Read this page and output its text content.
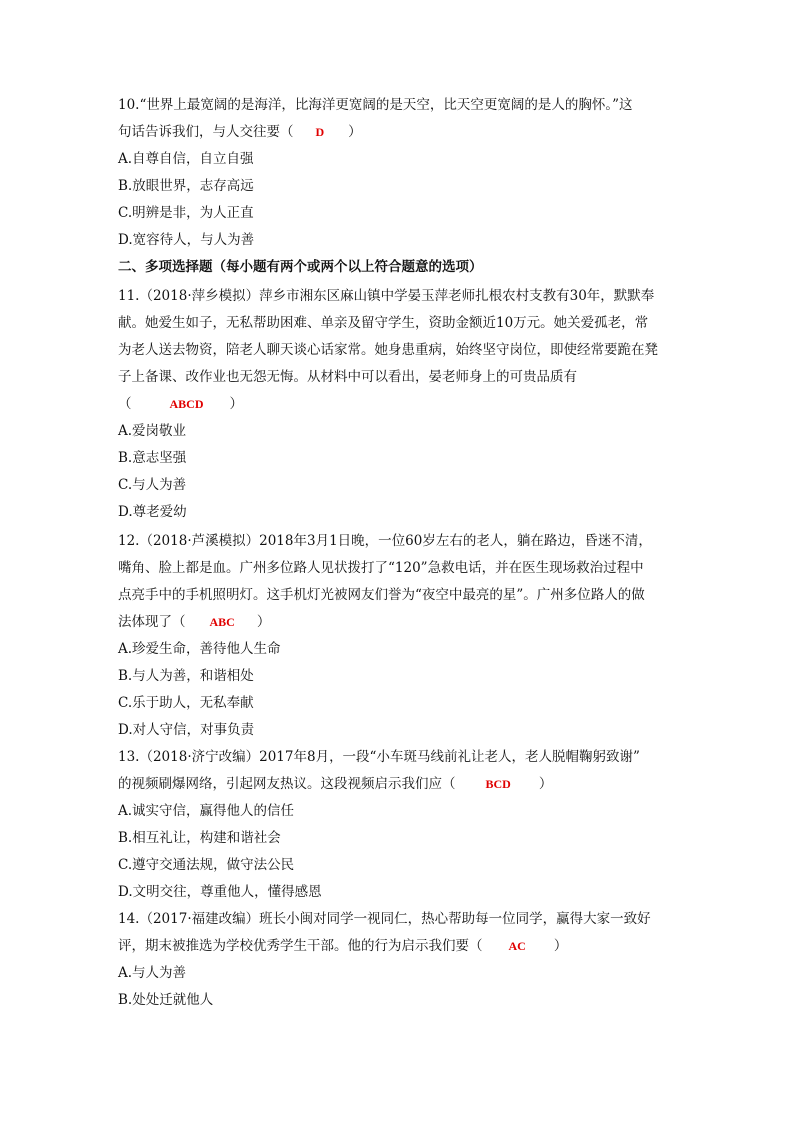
10.“世界上最宽阔的是海洋，比海洋更宽阔的是天空，比天空更宽阔的是人的胸怀。”这
句话告诉我们，与人交往要（ D ）
A.自尊自信，自立自强
B.放眼世界，志存高远
C.明辨是非，为人正直
D.宽容待人，与人为善
二、多项选择题（每小题有两个或两个以上符合题意的选项）
11.（2018·萍乡模拟）萍乡市湘东区麻山镇中学晏玉萍老师扎根农村支教有30年，默默奉
献。她爱生如子，无私帮助困难、单亲及留守学生，资助金额近10万元。她关爱孤老，常
为老人送去物资，陪老人聊天谈心话家常。她身患重病，始终坚守岗位，即使经常要跪在凳
子上备课、改作业也无怨无悔。从材料中可以看出，晏老师身上的可贵品质有
（	ABCD ）
A.爱岗敬业
B.意志坚强
C.与人为善
D.尊老爱幼
12.（2018·芦溪模拟）2018年3月1日晚，一位60岁左右的老人，躺在路边，昏迷不清，
嘴角、脸上都是血。广州多位路人见状拨打了“120”急救电话，并在医生现场救治过程中
点亮手中的手机照明灯。这手机灯光被网友们誉为“夜空中最亮的星”。广州多位路人的做
法体现了（ ABC ）
A.珍爱生命，善待他人生命
B.与人为善，和谐相处
C.乐于助人，无私奉献
D.对人守信，对事负责
13.（2018·济宁改编）2017年8月，一段“小车斑马线前礼让老人，老人脱帽鞠躬致谢”
的视频刷爆网络，引起网友热议。这段视频启示我们应（	BCD ）
A.诚实守信，赢得他人的信任
B.相互礼让，构建和谐社会
C.遵守交通法规，做守法公民
D.文明交往，尊重他人，懂得感恩
14.（2017·福建改编）班长小闽对同学一视同仁，热心帮助每一位同学，赢得大家一致好
评，期末被推选为学校优秀学生干部。他的行为启示我们要（ AC ）
A.与人为善
B.处处迁就他人
